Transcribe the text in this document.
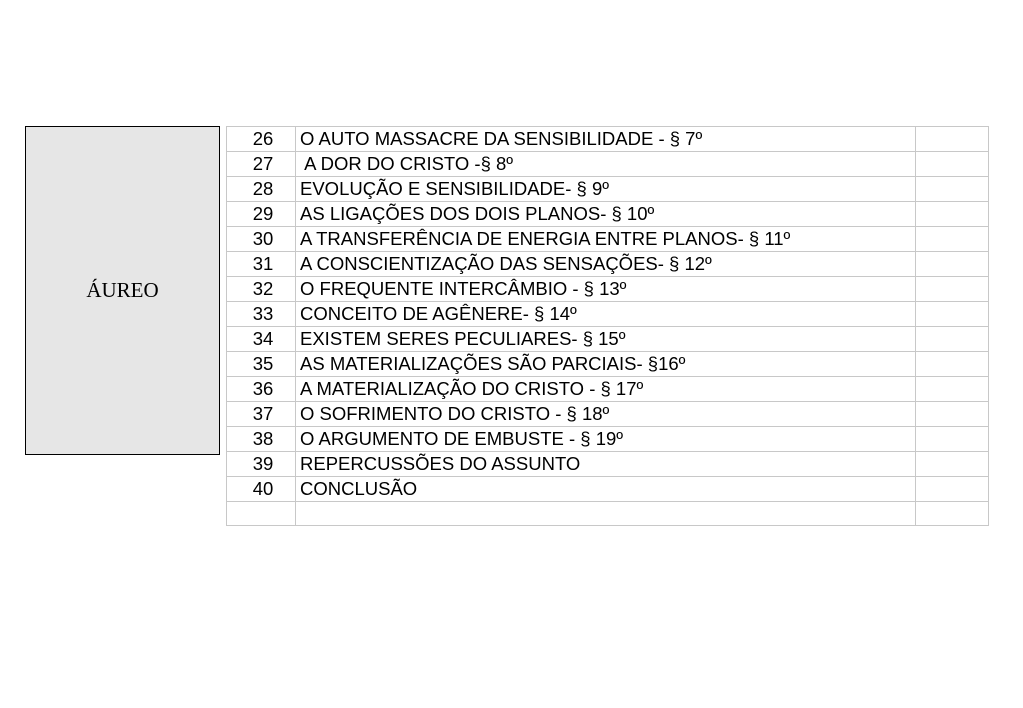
ÁUREO
26	O AUTO MASSACRE DA SENSIBILIDADE - § 7º	
27	A DOR DO CRISTO -§ 8º	
28	EVOLUÇÃO E SENSIBILIDADE- § 9º	
29	AS LIGAÇÕES DOS DOIS PLANOS- § 10º	
30	A TRANSFERÊNCIA DE ENERGIA ENTRE PLANOS- § 11º	
31	A CONSCIENTIZAÇÃO DAS SENSAÇÕES- § 12º	
32	O FREQUENTE INTERCÂMBIO - § 13º	
33	CONCEITO DE AGÊNERE- § 14º	
34	EXISTEM SERES PECULIARES- § 15º	
35	AS MATERIALIZAÇÕES SÃO PARCIAIS- §16º	
36	A MATERIALIZAÇÃO DO CRISTO - § 17º	
37	O SOFRIMENTO DO CRISTO - § 18º	
38	O ARGUMENTO DE EMBUSTE - § 19º	
39	REPERCUSSÕES DO ASSUNTO	
40	CONCLUSÃO	
